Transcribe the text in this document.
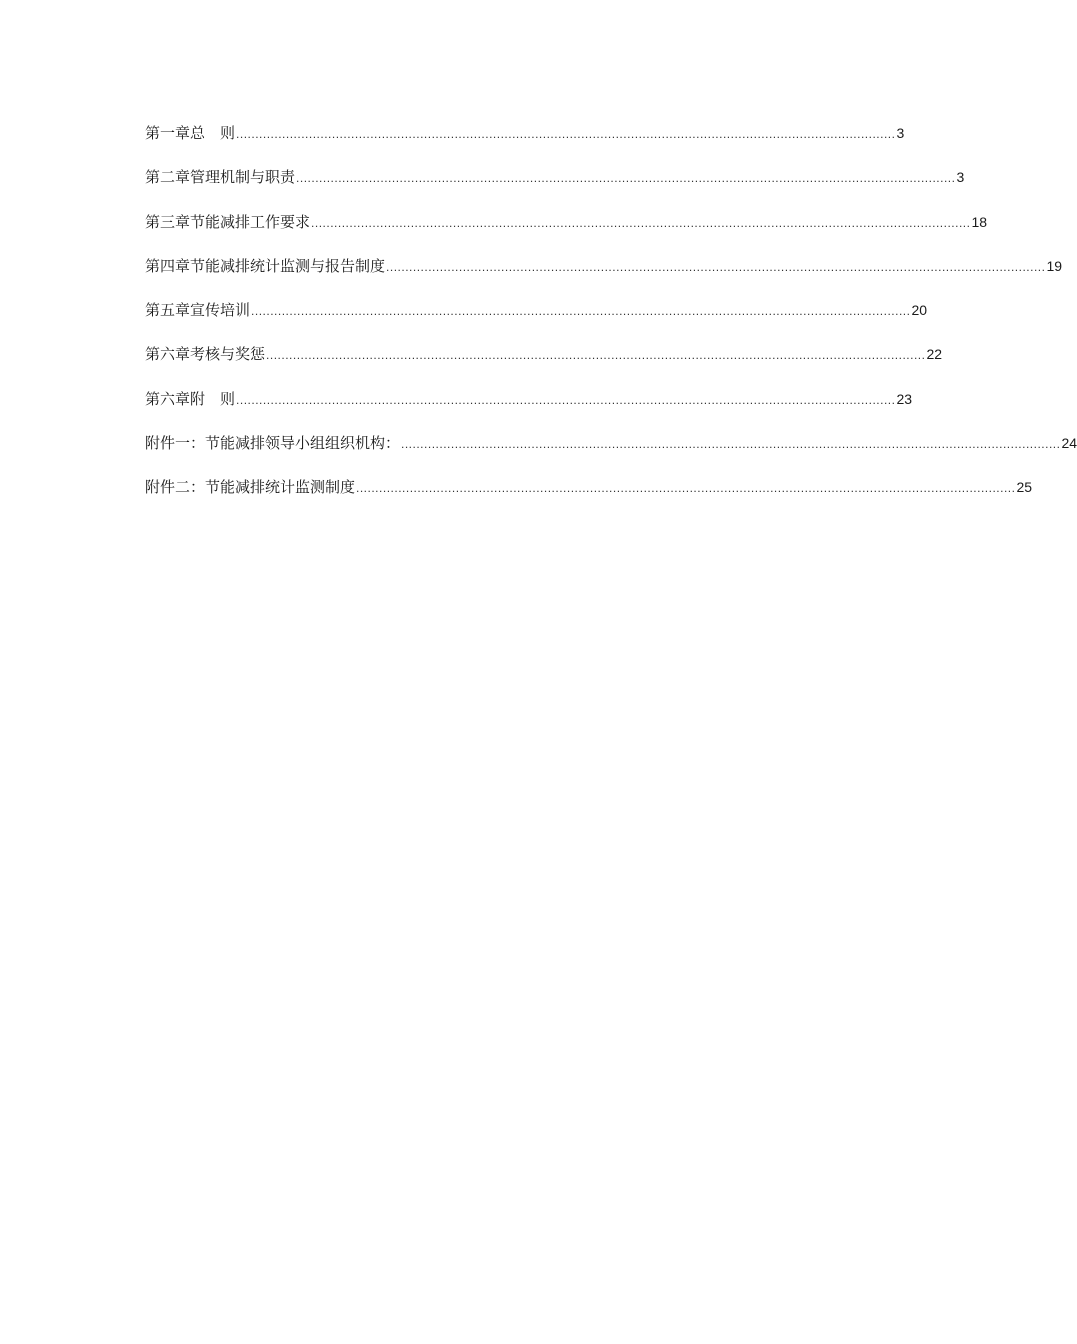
第一章 总　则 ............................................................................................................................................................................ 3
第二章 管理机制与职责 ............................................................................................................................................................................ 3
第三章 节能减排工作要求 ............................................................................................................................................................................ 18
第四章 节能减排统计监测与报告制度 ............................................................................................................................................................................ 19
第五章 宣传培训 ............................................................................................................................................................................ 20
第六章 考核与奖惩 ............................................................................................................................................................................ 22
第六章 附　则 ............................................................................................................................................................................ 23
附件一：节能减排领导小组组织机构： ............................................................................................................................................................................ 24
附件二：节能减排统计监测制度 ............................................................................................................................................................................ 25
